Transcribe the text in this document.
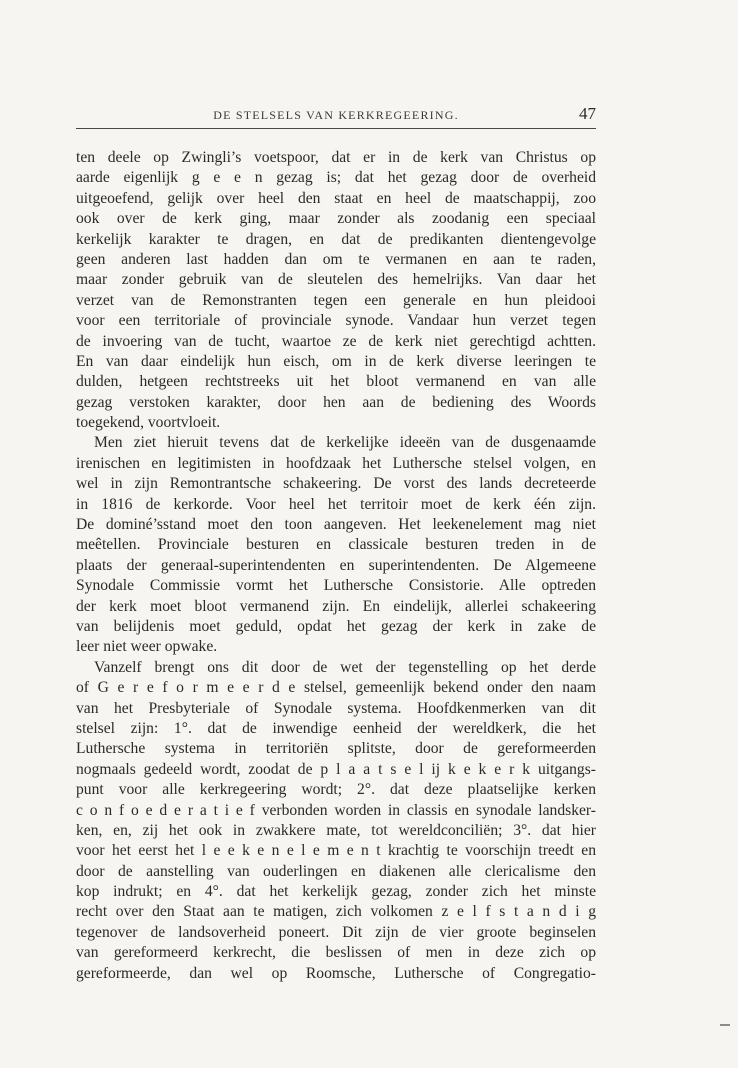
DE STELSELS VAN KERKREGEERING.	47

ten deele op Zwingli’s voetspoor, dat er in de kerk van Christus op

aarde eigenlijk g e e n gezag is; dat het gezag door de overheid

uitgeoefend, gelijk over heel den staat en heel de maatschappij, zoo

ook over de kerk ging, maar zonder als zoodanig een speciaal

kerkelijk karakter te dragen, en dat de predikanten dientengevolge

geen anderen last hadden dan om te vermanen en aan te raden,

maar zonder gebruik van de sleutelen des hemelrijks. Van daar het

verzet van de Remonstranten tegen een generale en hun pleidooi

voor een territoriale of provinciale synode. Vandaar hun verzet tegen

de invoering van de tucht, waartoe ze de kerk niet gerechtigd achtten.

En van daar eindelijk hun eisch, om in de kerk diverse leeringen te

dulden, hetgeen rechtstreeks uit het bloot vermanend en van alle

gezag verstoken karakter, door hen aan de bediening des Woords

toegekend, voortvloeit.

Men ziet hieruit tevens dat de kerkelijke ideeën van de dusgenaamde

irenischen en legitimisten in hoofdzaak het Luthersche stelsel volgen, en

wel in zijn Remontrantsche schakeering. De vorst des lands decreteerde

in 1816 de kerkorde. Voor heel het territoir moet de kerk één zijn.

De dominé’sstand moet den toon aangeven. Het leekenelement mag niet

meêtellen. Provinciale besturen en classicale besturen treden in de

plaats der generaal-superintendenten en superintendenten. De Algemeene

Synodale Commissie vormt het Luthersche Consistorie. Alle optreden

der kerk moet bloot vermanend zijn. En eindelijk, allerlei schakeering

van belijdenis moet geduld, opdat het gezag der kerk in zake de

leer niet weer opwake.

Vanzelf brengt ons dit door de wet der tegenstelling op het derde

of G e r e f o r m e e r d e stelsel, gemeenlijk bekend onder den naam

van het Presbyteriale of Synodale systema. Hoofdkenmerken van dit

stelsel zijn: 1°. dat de inwendige eenheid der wereldkerk, die het

Luthersche systema in territoriën splitste, door de gereformeerden

nogmaals gedeeld wordt, zoodat de p l a a t s e l ij k e k e r k uitgangs-

punt voor alle kerkregeering wordt; 2°. dat deze plaatselijke kerken

c o n f o e d e r a t i e f verbonden worden in classis en synodale landsker-

ken, en, zij het ook in zwakkere mate, tot wereldconciliën; 3°. dat hier

voor het eerst het l e e k e n e l e m e n t krachtig te voorschijn treedt en

door de aanstelling van ouderlingen en diakenen alle clericalisme den

kop indrukt; en 4°. dat het kerkelijk gezag, zonder zich het minste

recht over den Staat aan te matigen, zich volkomen z e l f s t a n d i g

tegenover de landsoverheid poneert. Dit zijn de vier groote beginselen

van gereformeerd kerkrecht, die beslissen of men in deze zich op

gereformeerde, dan wel op Roomsche, Luthersche of Congregatio-
